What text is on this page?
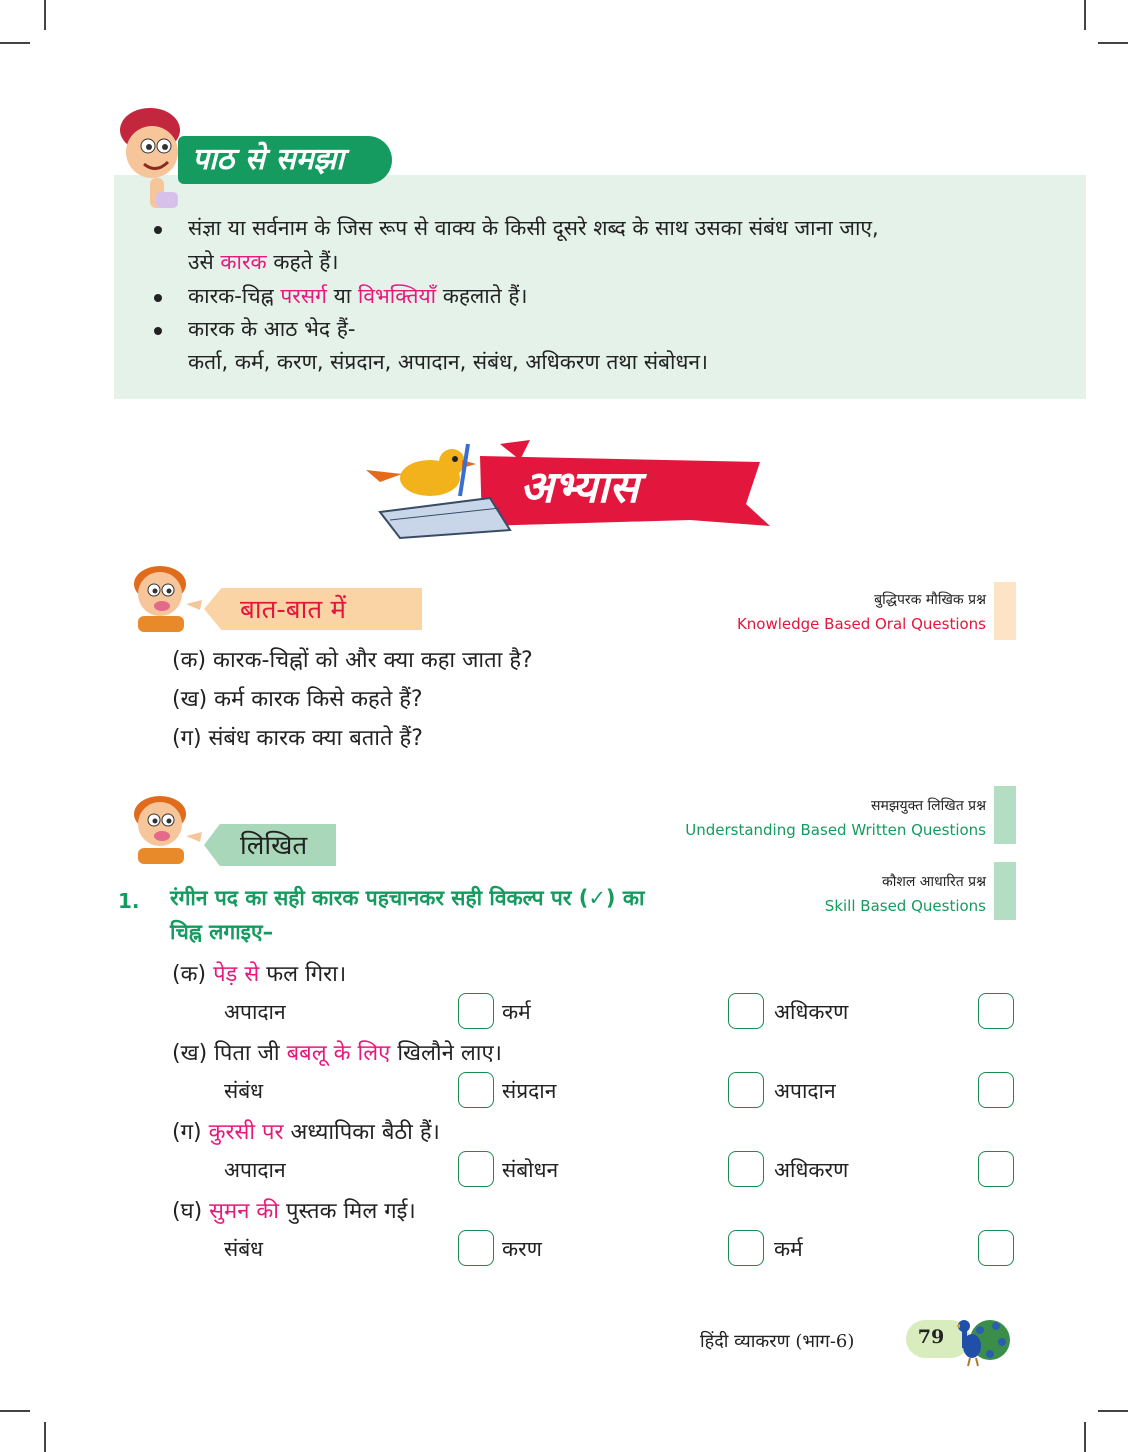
पाठ से समझा
संज्ञा या सर्वनाम के जिस रूप से वाक्य के किसी दूसरे शब्द के साथ उसका संबंध जाना जाए,
उसे कारक कहते हैं।
कारक-चिह्न परसर्ग या विभक्तियाँ कहलाते हैं।
कारक के आठ भेद हैं-
कर्ता, कर्म, करण, संप्रदान, अपादान, संबंध, अधिकरण तथा संबोधन।
अभ्यास
बात-बात में	बुद्धिपरक मौखिक प्रश्न
Knowledge Based Oral Questions
(क) कारक-चिह्नों को और क्या कहा जाता है?
(ख) कर्म कारक किसे कहते हैं?
(ग) संबंध कारक क्या बताते हैं?
लिखित
समझयुक्त लिखित प्रश्न
Understanding Based Written Questions
कौशल आधारित प्रश्न
Skill Based Questions
1. रंगीन पद का सही कारक पहचानकर सही विकल्प पर (✓) का
चिह्न लगाइए–
(क) पेड़ से फल गिरा।
अपादान	कर्म	अधिकरण
(ख) पिता जी बबलू के लिए खिलौने लाए।
संबंध	संप्रदान	अपादान
(ग) कुरसी पर अध्यापिका बैठी हैं।
अपादान	संबोधन	अधिकरण
(घ) सुमन की पुस्तक मिल गई।
संबंध	करण	कर्म
हिंदी व्याकरण (भाग-6)	79
